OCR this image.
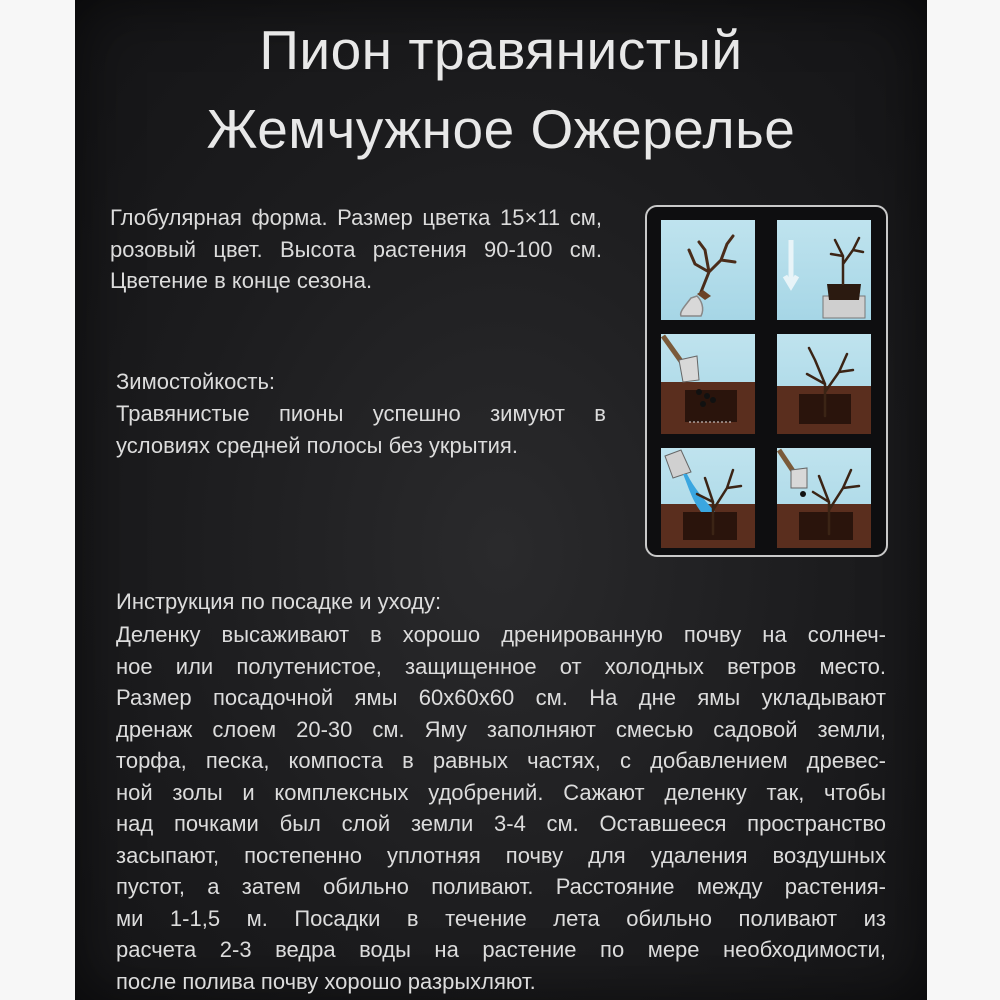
Пион травянистый
Жемчужное Ожерелье
Глобулярная форма. Размер цветка 15×11 см, розовый цвет. Высота растения 90-100 см. Цветение в конце сезона.
Зимостойкость:
Травянистые пионы успешно зимуют в условиях средней полосы без укрытия.
Инструкция по посадке и уходу:
Деленку высаживают в хорошо дренированную почву на солнеч-
ное или полутенистое, защищенное от холодных ветров место.
Размер посадочной ямы 60х60х60 см. На дне ямы укладывают
дренаж слоем 20-30 см. Яму заполняют смесью садовой земли,
торфа, песка, компоста в равных частях, с добавлением древес-
ной золы и комплексных удобрений. Сажают деленку так, чтобы
над почками был слой земли 3-4 см. Оставшееся пространство
засыпают, постепенно уплотняя почву для удаления воздушных
пустот, а затем обильно поливают. Расстояние между растения-
ми 1-1,5 м. Посадки в течение лета обильно поливают из
расчета 2-3 ведра воды на растение по мере необходимости,
после полива почву хорошо разрыхляют.
